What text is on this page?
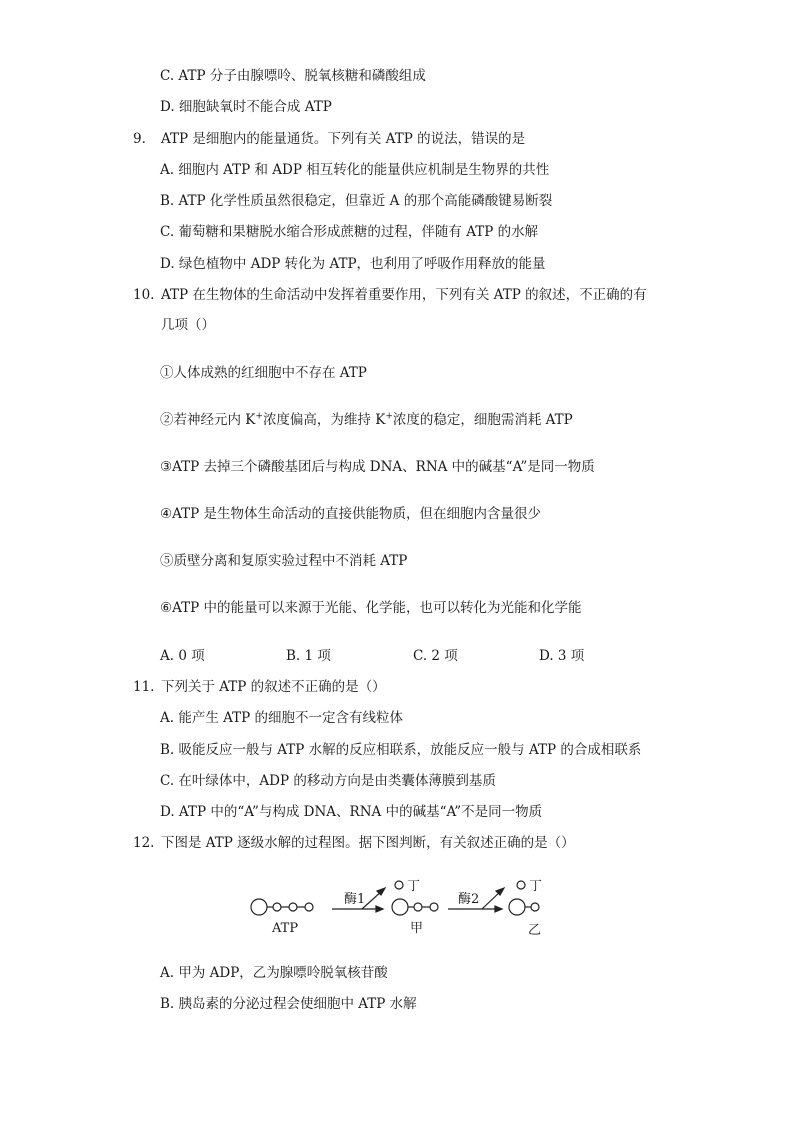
C. ATP 分子由腺嘌呤、脱氧核糖和磷酸组成
D. 细胞缺氧时不能合成 ATP
9. ATP 是细胞内的能量通货。下列有关 ATP 的说法，错误的是
A. 细胞内 ATP 和 ADP 相互转化的能量供应机制是生物界的共性
B. ATP 化学性质虽然很稳定，但靠近 A 的那个高能磷酸键易断裂
C. 葡萄糖和果糖脱水缩合形成蔗糖的过程，伴随有 ATP 的水解
D. 绿色植物中 ADP 转化为 ATP，也利用了呼吸作用释放的能量
10. ATP 在生物体的生命活动中发挥着重要作用，下列有关 ATP 的叙述，不正确的有
几项（）
①人体成熟的红细胞中不存在 ATP
②若神经元内 K+浓度偏高，为维持 K+浓度的稳定，细胞需消耗 ATP
③ATP 去掉三个磷酸基团后与构成 DNA、RNA 中的碱基“A”是同一物质
④ATP 是生物体生命活动的直接供能物质，但在细胞内含量很少
⑤质壁分离和复原实验过程中不消耗 ATP
⑥ATP 中的能量可以来源于光能、化学能，也可以转化为光能和化学能
A. 0 项	B. 1 项	C. 2 项	D. 3 项
11. 下列关于 ATP 的叙述不正确的是（）
A. 能产生 ATP 的细胞不一定含有线粒体
B. 吸能反应一般与 ATP 水解的反应相联系，放能反应一般与 ATP 的合成相联系
C. 在叶绿体中，ADP 的移动方向是由类囊体薄膜到基质
D. ATP 中的“A”与构成 DNA、RNA 中的碱基“A”不是同一物质
12. 下图是 ATP 逐级水解的过程图。据下图判断，有关叙述正确的是（）
酶1	酶2
丁	丁
ATP	甲	乙
A. 甲为 ADP，乙为腺嘌呤脱氧核苷酸
B. 胰岛素的分泌过程会使细胞中 ATP 水解
